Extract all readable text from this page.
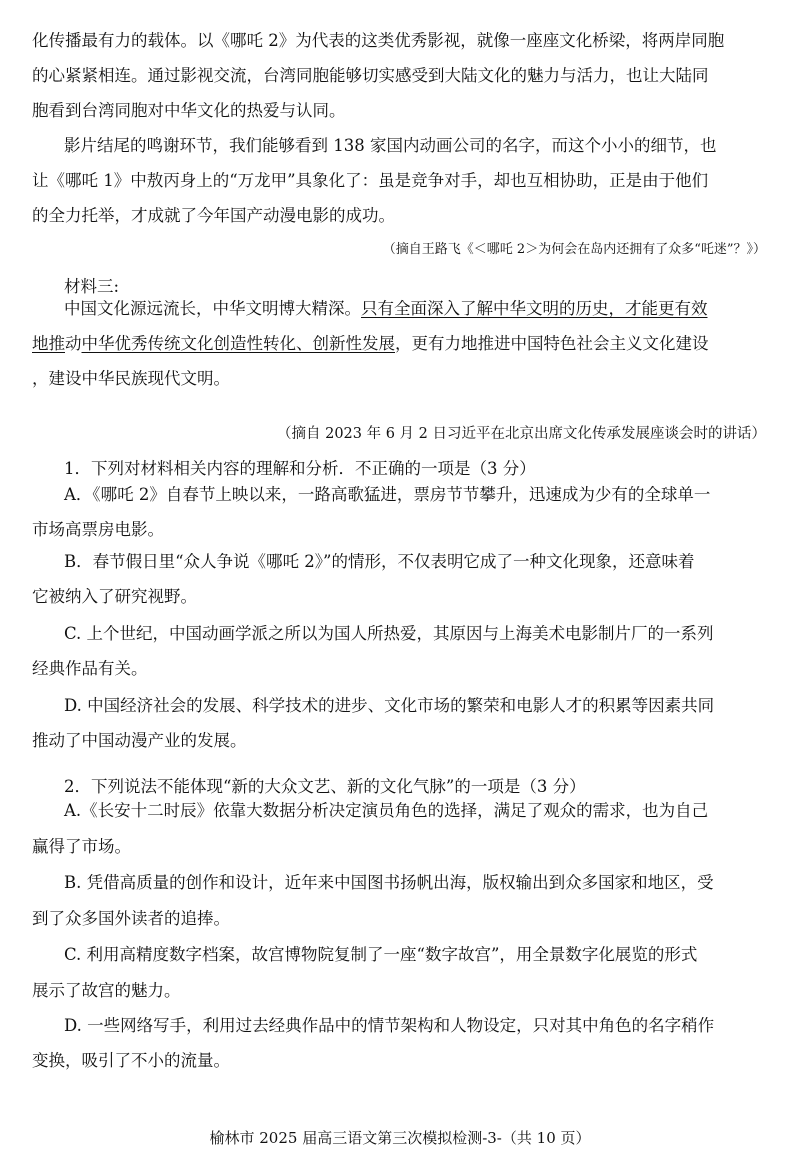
化传播最有力的载体。以《哪吒 2》为代表的这类优秀影视，就像一座座文化桥梁，将两岸同胞
的心紧紧相连。通过影视交流，台湾同胞能够切实感受到大陆文化的魅力与活力，也让大陆同
胞看到台湾同胞对中华文化的热爱与认同。
影片结尾的鸣谢环节，我们能够看到 138 家国内动画公司的名字，而这个小小的细节，也
让《哪吒 1》中敖丙身上的“万龙甲”具象化了：虽是竞争对手，却也互相协助，正是由于他们
的全力托举，才成就了今年国产动漫电影的成功。
（摘自王路飞《＜哪吒 2＞为何会在岛内还拥有了众多“吒迷”？》）
材料三:
中国文化源远流长，中华文明博大精深。只有全面深入了解中华文明的历史，才能更有效
地推动中华优秀传统文化创造性转化、创新性发展，更有力地推进中国特色社会主义文化建设
，建设中华民族现代文明。
（摘自 2023 年 6 月 2 日习近平在北京出席文化传承发展座谈会时的讲话）
1．下列对材料相关内容的理解和分析．不正确的一项是（3 分）
A．《哪吒 2》自春节上映以来，一路高歌猛进，票房节节攀升，迅速成为少有的全球单一
市场高票房电影。
B．春节假日里“众人争说《哪吒 2》”的情形，不仅表明它成了一种文化现象，还意味着
它被纳入了研究视野。
C. 上个世纪，中国动画学派之所以为国人所热爱，其原因与上海美术电影制片厂的一系列
经典作品有关。
D. 中国经济社会的发展、科学技术的进步、文化市场的繁荣和电影人才的积累等因素共同
推动了中国动漫产业的发展。
2．下列说法不能体现“新的大众文艺、新的文化气脉”的一项是（3 分）
A.《长安十二时辰》依靠大数据分析决定演员角色的选择，满足了观众的需求，也为自己
赢得了市场。
B. 凭借高质量的创作和设计，近年来中国图书扬帆出海，版权输出到众多国家和地区，受
到了众多国外读者的追捧。
C. 利用高精度数字档案，故宫博物院复制了一座“数字故宫”，用全景数字化展览的形式
展示了故宫的魅力。
D. 一些网络写手，利用过去经典作品中的情节架构和人物设定，只对其中角色的名字稍作
变换，吸引了不小的流量。
榆林市 2025 届高三语文第三次模拟检测-3-（共 10 页）
